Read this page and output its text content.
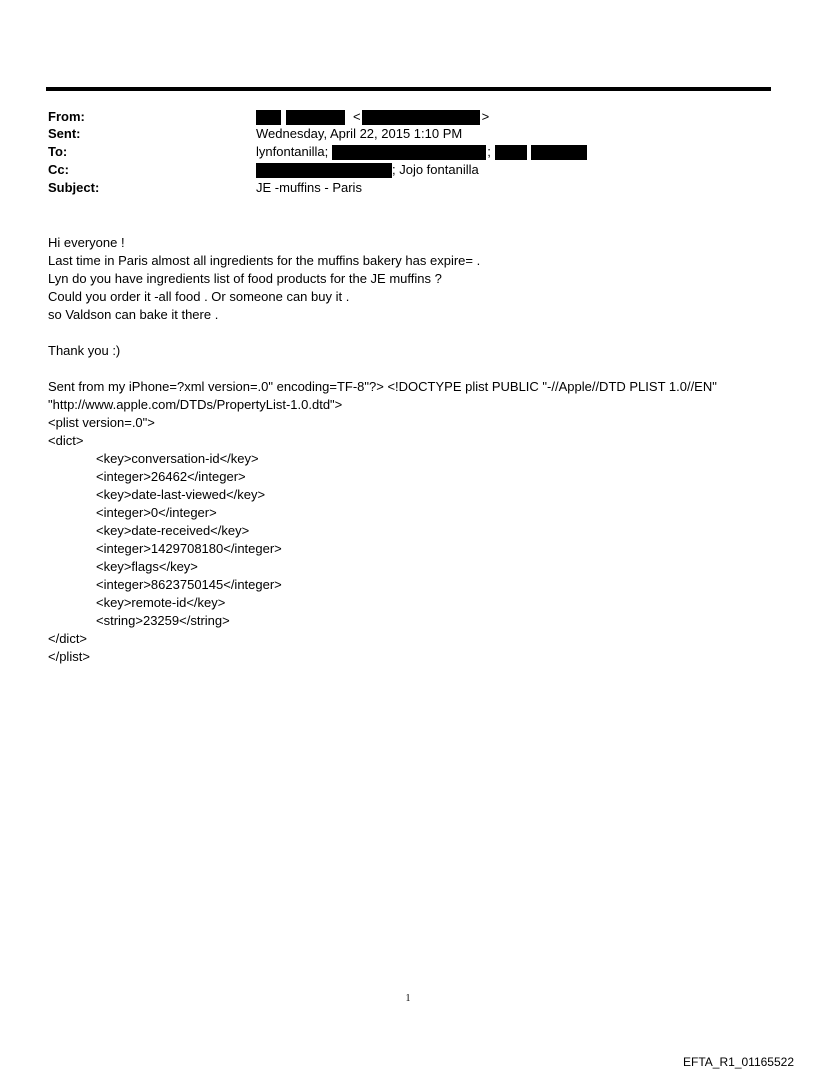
From:	<	>
Sent:	Wednesday, April 22, 2015 1:10 PM
To:	lynfontanilla;	;
Cc:	; Jojo fontanilla
Subject:	JE -muffins - Paris
Hi everyone !
Last time in Paris almost all ingredients for the muffins bakery has expire= .
Lyn do you have ingredients list of food products for the JE muffins ?
Could you order it -all food . Or someone can buy it .
so Valdson can bake it there .
Thank you :)
Sent from my iPhone=?xml version=.0" encoding=TF-8"?> <!DOCTYPE plist PUBLIC "-//Apple//DTD PLIST 1.0//EN"
"http://www.apple.com/DTDs/PropertyList-1.0.dtd">
<plist version=.0">
<dict>
<key>conversation-id</key>
<integer>26462</integer>
<key>date-last-viewed</key>
<integer>0</integer>
<key>date-received</key>
<integer>1429708180</integer>
<key>flags</key>
<integer>8623750145</integer>
<key>remote-id</key>
<string>23259</string>
</dict>
</plist>
1
EFTA_R1_01165522
